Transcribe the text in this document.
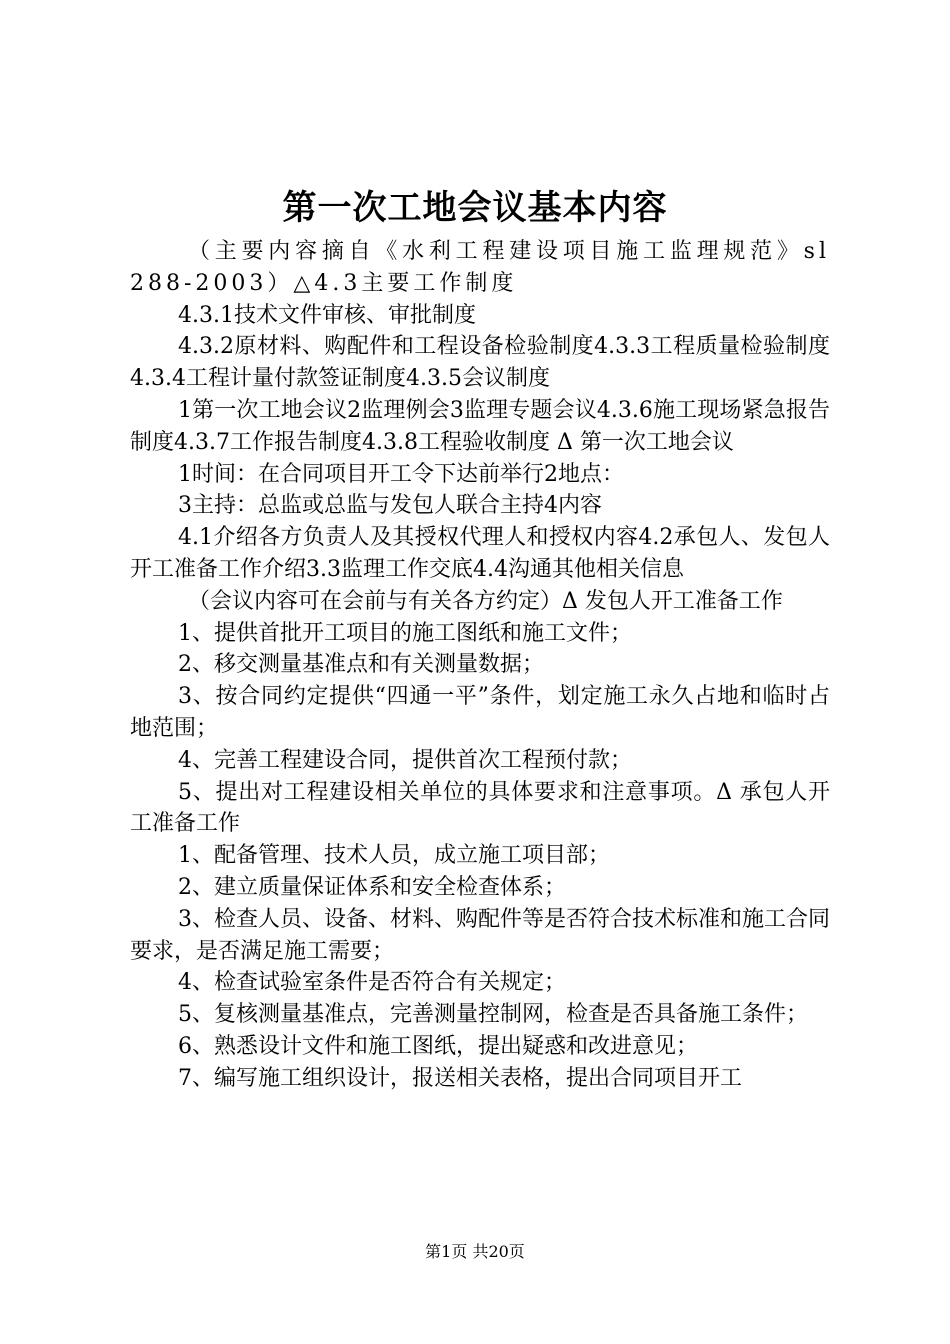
第一次工地会议基本内容

（主要内容摘自《水利工程建设项目施工监理规范》sl288-2003）△4.3主要工作制度

4.3.1技术文件审核、审批制度

4.3.2原材料、购配件和工程设备检验制度4.3.3工程质量检验制度4.3.4工程计量付款签证制度4.3.5会议制度

1第一次工地会议2监理例会3监理专题会议4.3.6施工现场紧急报告制度4.3.7工作报告制度4.3.8工程验收制度 Δ 第一次工地会议

1时间：在合同项目开工令下达前举行2地点：

3主持：总监或总监与发包人联合主持4内容

4.1介绍各方负责人及其授权代理人和授权内容4.2承包人、发包人开工准备工作介绍3.3监理工作交底4.4沟通其他相关信息

（会议内容可在会前与有关各方约定）Δ 发包人开工准备工作

1、提供首批开工项目的施工图纸和施工文件；

2、移交测量基准点和有关测量数据；

3、按合同约定提供“四通一平”条件，划定施工永久占地和临时占地范围；

4、完善工程建设合同，提供首次工程预付款；

5、提出对工程建设相关单位的具体要求和注意事项。Δ 承包人开工准备工作

1、配备管理、技术人员，成立施工项目部；

2、建立质量保证体系和安全检查体系；

3、检查人员、设备、材料、购配件等是否符合技术标准和施工合同要求，是否满足施工需要；

4、检查试验室条件是否符合有关规定；

5、复核测量基准点，完善测量控制网，检查是否具备施工条件；

6、熟悉设计文件和施工图纸，提出疑惑和改进意见；

7、编写施工组织设计，报送相关表格，提出合同项目开工

第1页 共20页
